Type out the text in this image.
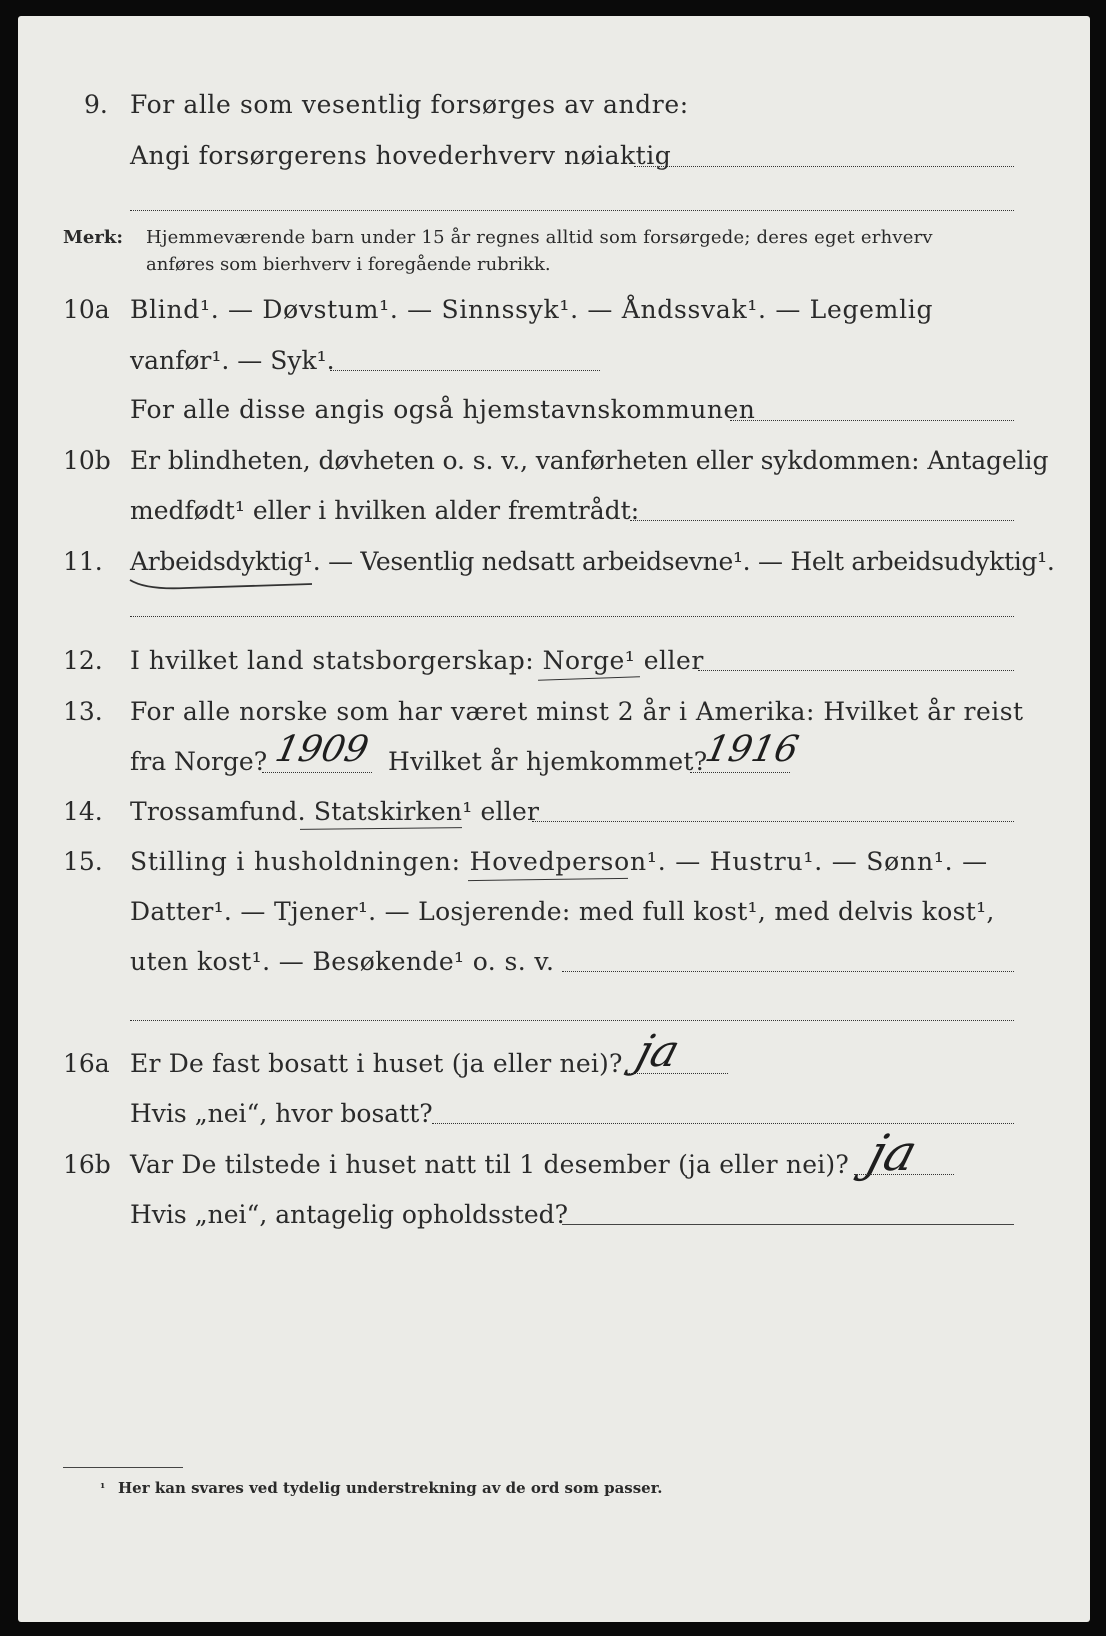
9. For alle som vesentlig forsørges av andre:
Angi forsørgerens hovederhverv nøiaktig
Merk: Hjemmeværende barn under 15 år regnes alltid som forsørgede; deres eget erhverv
anføres som bierhverv i foregående rubrikk.
10a Blind¹. — Døvstum¹. — Sinnssyk¹. — Åndssvak¹. — Legemlig
vanfør¹. — Syk¹.
For alle disse angis også hjemstavnskommunen
10b Er blindheten, døvheten o. s. v., vanførheten eller sykdommen: Antagelig
medfødt¹ eller i hvilken alder fremtrådt:
11. Arbeidsdyktig¹. — Vesentlig nedsatt arbeidsevne¹. — Helt arbeidsudyktig¹.
12. I hvilket land statsborgerskap: Norge¹ eller
13. For alle norske som har været minst 2 år i Amerika: Hvilket år reist
fra Norge? 1909 Hvilket år hjemkommet?
1916
14. Trossamfund. Statskirken¹ eller
15. Stilling i husholdningen: Hovedperson¹. — Hustru¹. — Sønn¹. —
Datter¹. — Tjener¹. — Losjerende: med full kost¹, med delvis kost¹,
uten kost¹. — Besøkende¹ o. s. v.
16a Er De fast bosatt i huset (ja eller nei)? ja
Hvis „nei“, hvor bosatt?
16b Var De tilstede i huset natt til 1 desember (ja eller nei)? ja
Hvis „nei“, antagelig opholdssted?
¹ Her kan svares ved tydelig understrekning av de ord som passer.
